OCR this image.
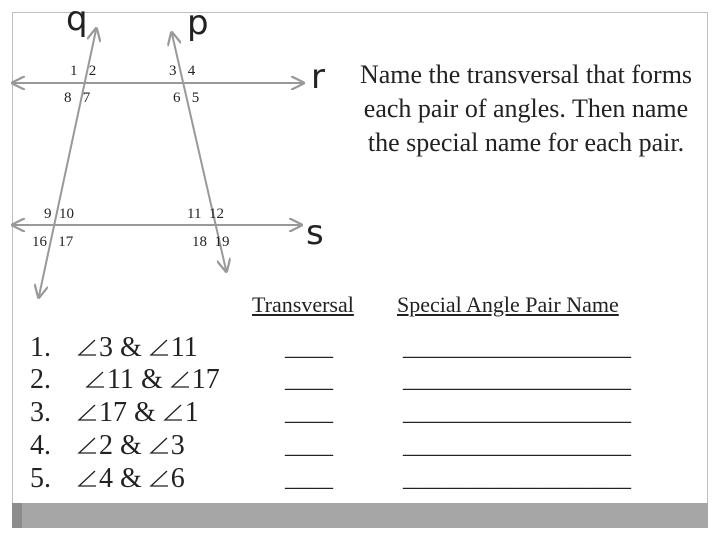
q	p
r
s
1   2
8   7
3   4
6   5
9  10
16   17
11  12
18  19
Name the transversal that forms each pair of angles. Then name the special name for each pair.
Transversal Special Angle Pair Name
1. 3 & 11
2. 11 & 17
3. 17 & 1
4. 2 & 3
5. 4 & 6
____
____
____
____
____
___________________
___________________
___________________
___________________
___________________
